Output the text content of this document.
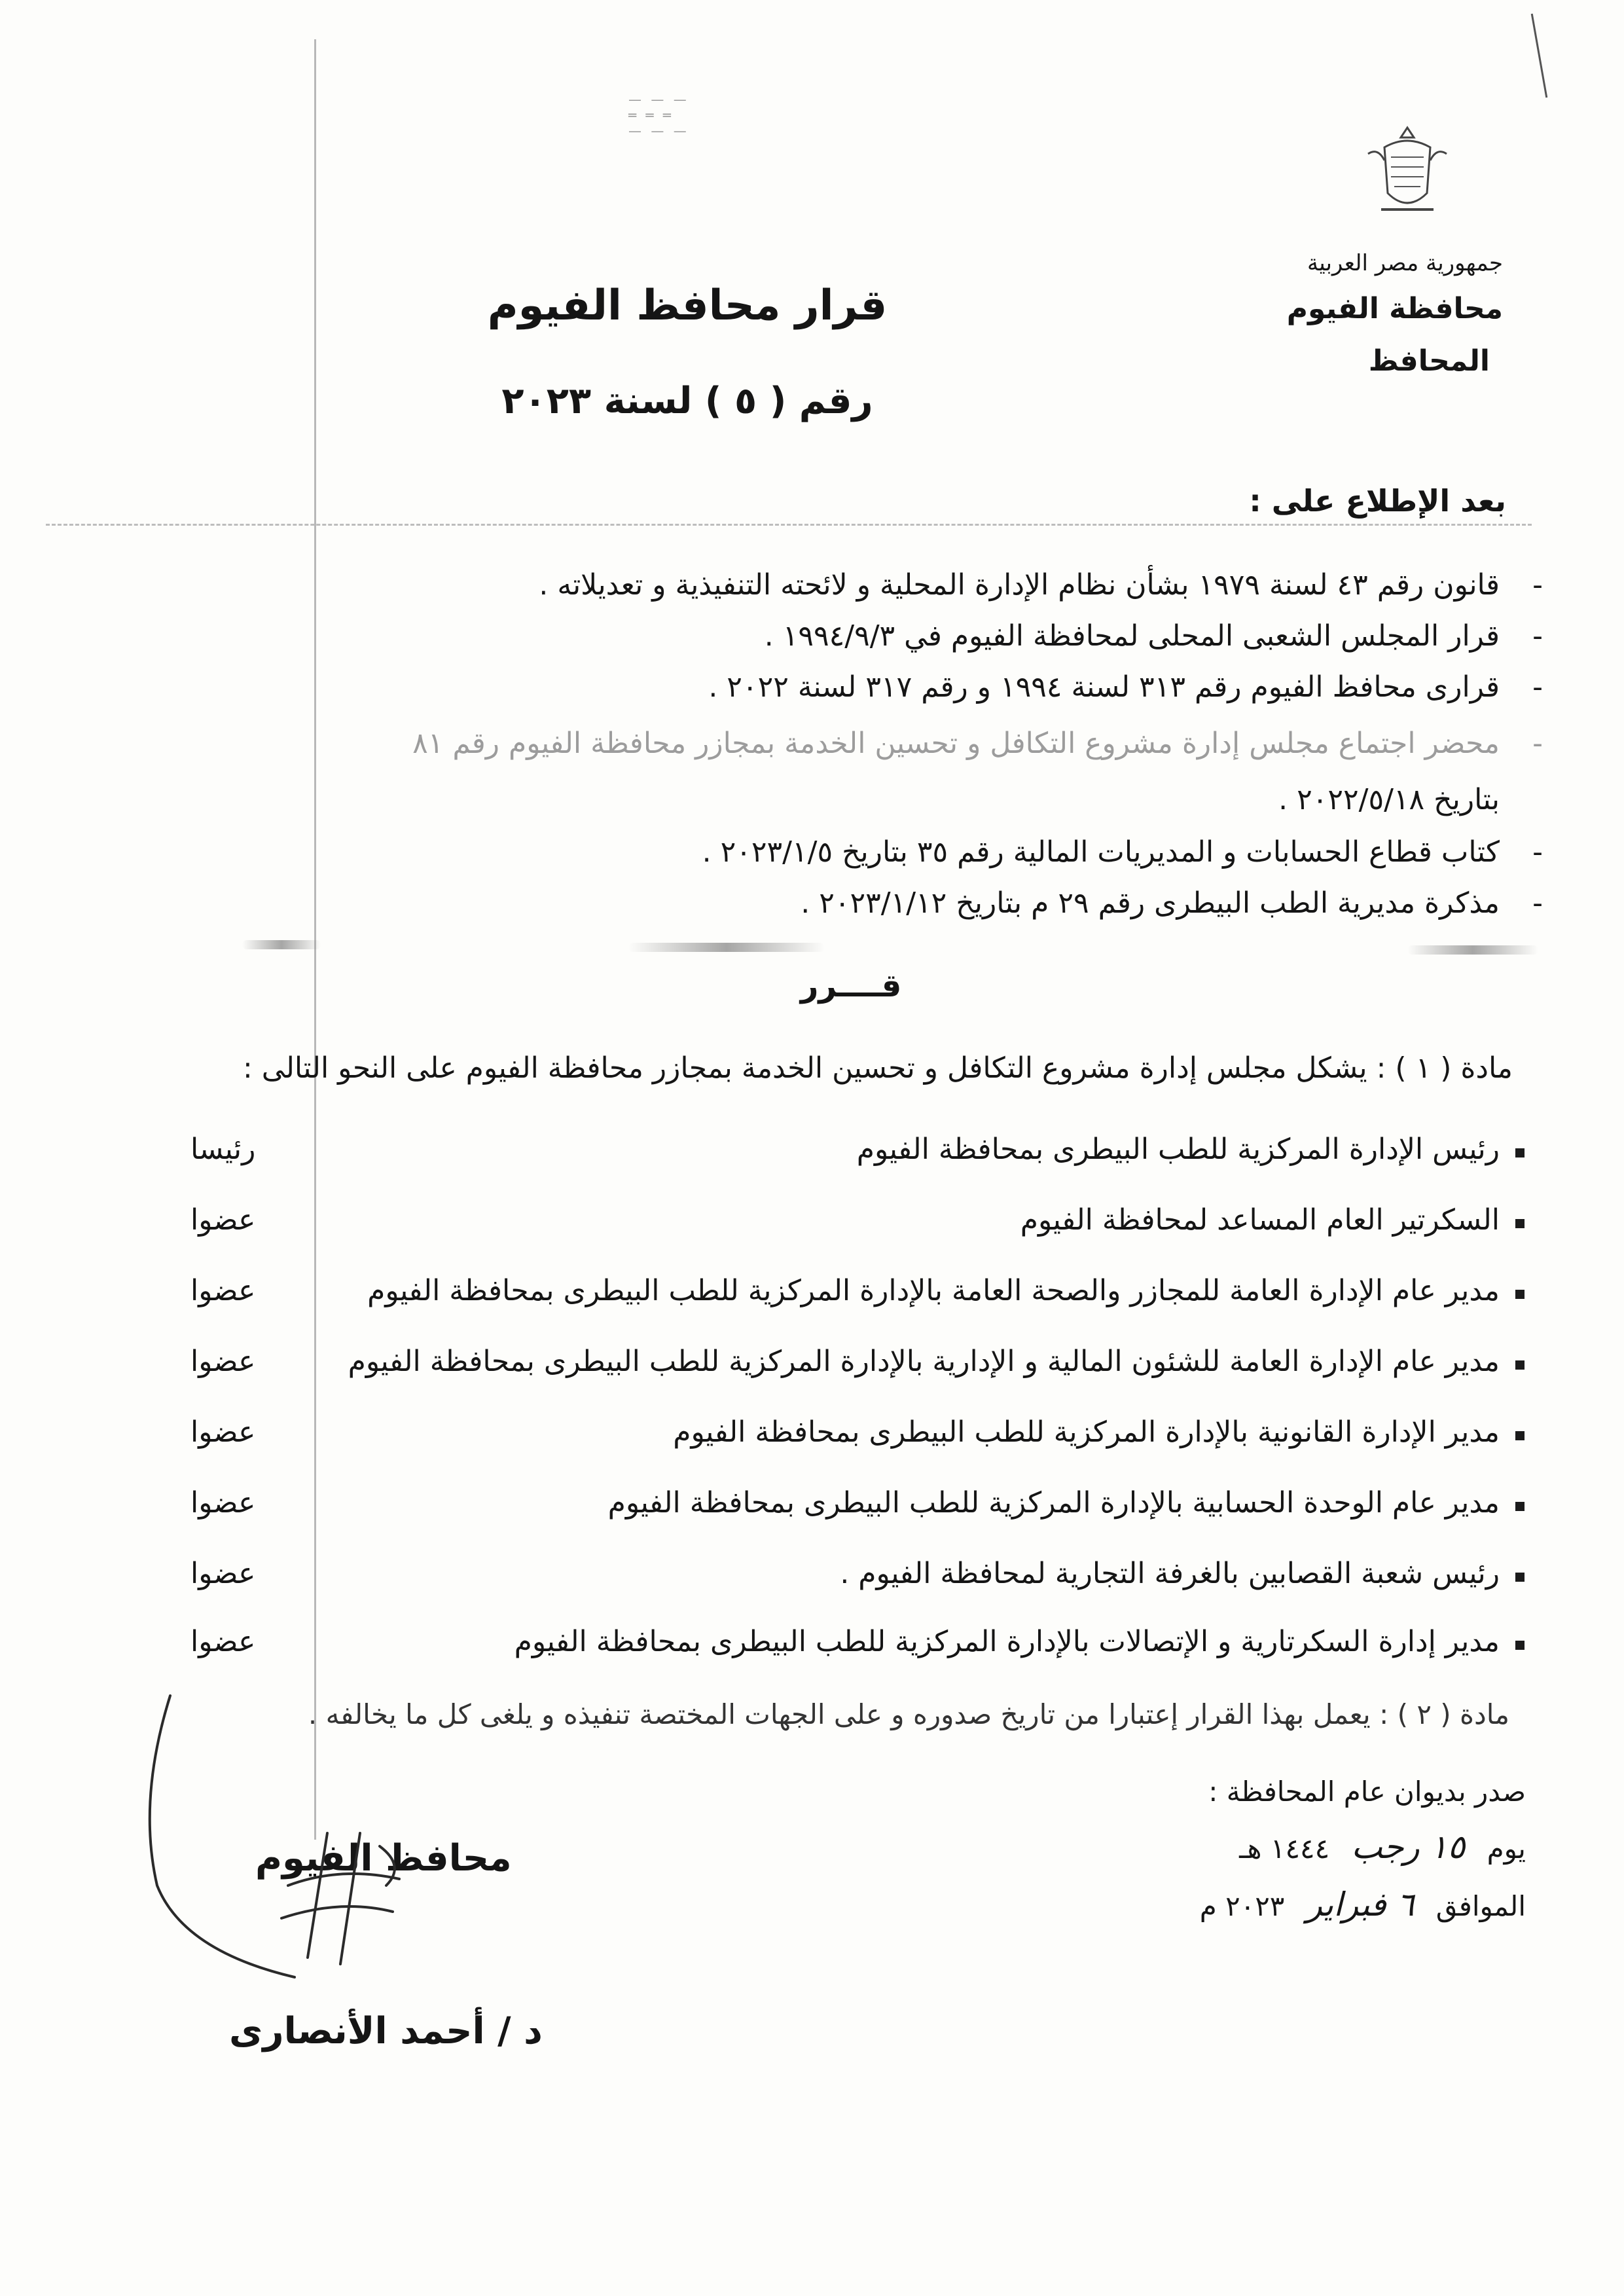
— — —
═ ═ ═
— — —
جمهورية مصر العربية
محافظة الفيوم
المحافظ
قرار محافظ الفيوم
رقم ( ٥ ) لسنة ٢٠٢٣
بعد الإطلاع على :
-
قانون رقم ٤٣ لسنة ١٩٧٩ بشأن نظام الإدارة المحلية و لائحته التنفيذية و تعديلاته .
-
قرار المجلس الشعبى المحلى لمحافظة الفيوم في ١٩٩٤/٩/٣ .
-
قرارى محافظ الفيوم رقم ٣١٣ لسنة ١٩٩٤ و رقم ٣١٧ لسنة ٢٠٢٢ .
-
محضر اجتماع مجلس إدارة مشروع التكافل و تحسين الخدمة بمجازر محافظة الفيوم رقم ٨١
بتاريخ ٢٠٢٢/٥/١٨ .
-
كتاب قطاع الحسابات و المديريات المالية رقم ٣٥ بتاريخ ٢٠٢٣/١/٥ .
-
مذكرة مديرية الطب البيطرى رقم ٢٩ م بتاريخ ٢٠٢٣/١/١٢ .
قــــرر
مادة ( ١ ) : يشكل مجلس إدارة مشروع التكافل و تحسين الخدمة بمجازر محافظة الفيوم على النحو التالى :
رئيس الإدارة المركزية للطب البيطرى بمحافظة الفيوم
رئيسا
السكرتير العام المساعد لمحافظة الفيوم
عضوا
مدير عام الإدارة العامة للمجازر والصحة العامة بالإدارة المركزية للطب البيطرى بمحافظة الفيوم
عضوا
مدير عام الإدارة العامة للشئون المالية و الإدارية بالإدارة المركزية للطب البيطرى بمحافظة الفيوم
عضوا
مدير الإدارة القانونية بالإدارة المركزية للطب البيطرى بمحافظة الفيوم
عضوا
مدير عام الوحدة الحسابية بالإدارة المركزية للطب البيطرى بمحافظة الفيوم
عضوا
رئيس شعبة القصابين بالغرفة التجارية لمحافظة الفيوم .
عضوا
مدير إدارة السكرتارية و الإتصالات بالإدارة المركزية للطب البيطرى بمحافظة الفيوم
عضوا
مادة ( ٢ ) : يعمل بهذا القرار إعتبارا من تاريخ صدوره و على الجهات المختصة تنفيذه و يلغى كل ما يخالفه .
صدر بديوان عام المحافظة :
يوم ١٥ رجب ١٤٤٤ هـ
الموافق ٦ فبراير ٢٠٢٣ م
محافظ الفيوم
د / أحمد الأنصارى
